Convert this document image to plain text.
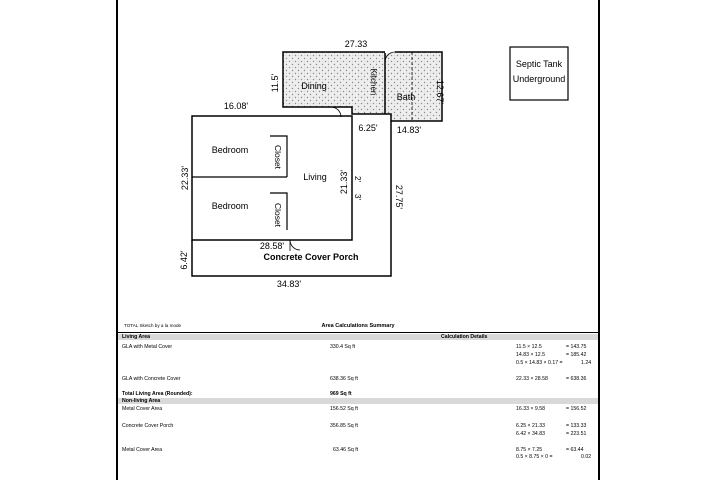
Septic Tank
Underground
Dining	Kitchen
Bath
Bedroom
Bedroom
Closet
Closet
Living
Concrete Cover Porch
27.33
11.5'	12.67'
16.08'
6.25' 14.83'
22.33'
27.75'
21.33' 2'
3'
28.58'
6.42'
34.83'
TOTAL Sketch by a la mode	Area Calculations Summary
Living Area	Calculation Details
GLA with Metal Cover	330.4 Sq ft	11.5 × 12.5	= 143.75
14.83 × 12.5	= 185.42
0.5 × 14.83 × 0.17 =	1.24
GLA with Concrete Cover	638.36 Sq ft	22.33 × 28.58	= 638.36
Total Living Area (Rounded):	969 Sq ft
Non-living Area
Metal Cover Area	156.52 Sq ft	16.33 × 9.58	= 156.52
Concrete Cover Porch	356.85 Sq ft	6.25 × 21.33	= 133.33
6.42 × 34.83	= 223.51
Metal Cover Area	63.46 Sq ft	8.75 × 7.25	= 63.44
0.5 × 8.75 × 0 =	0.02
